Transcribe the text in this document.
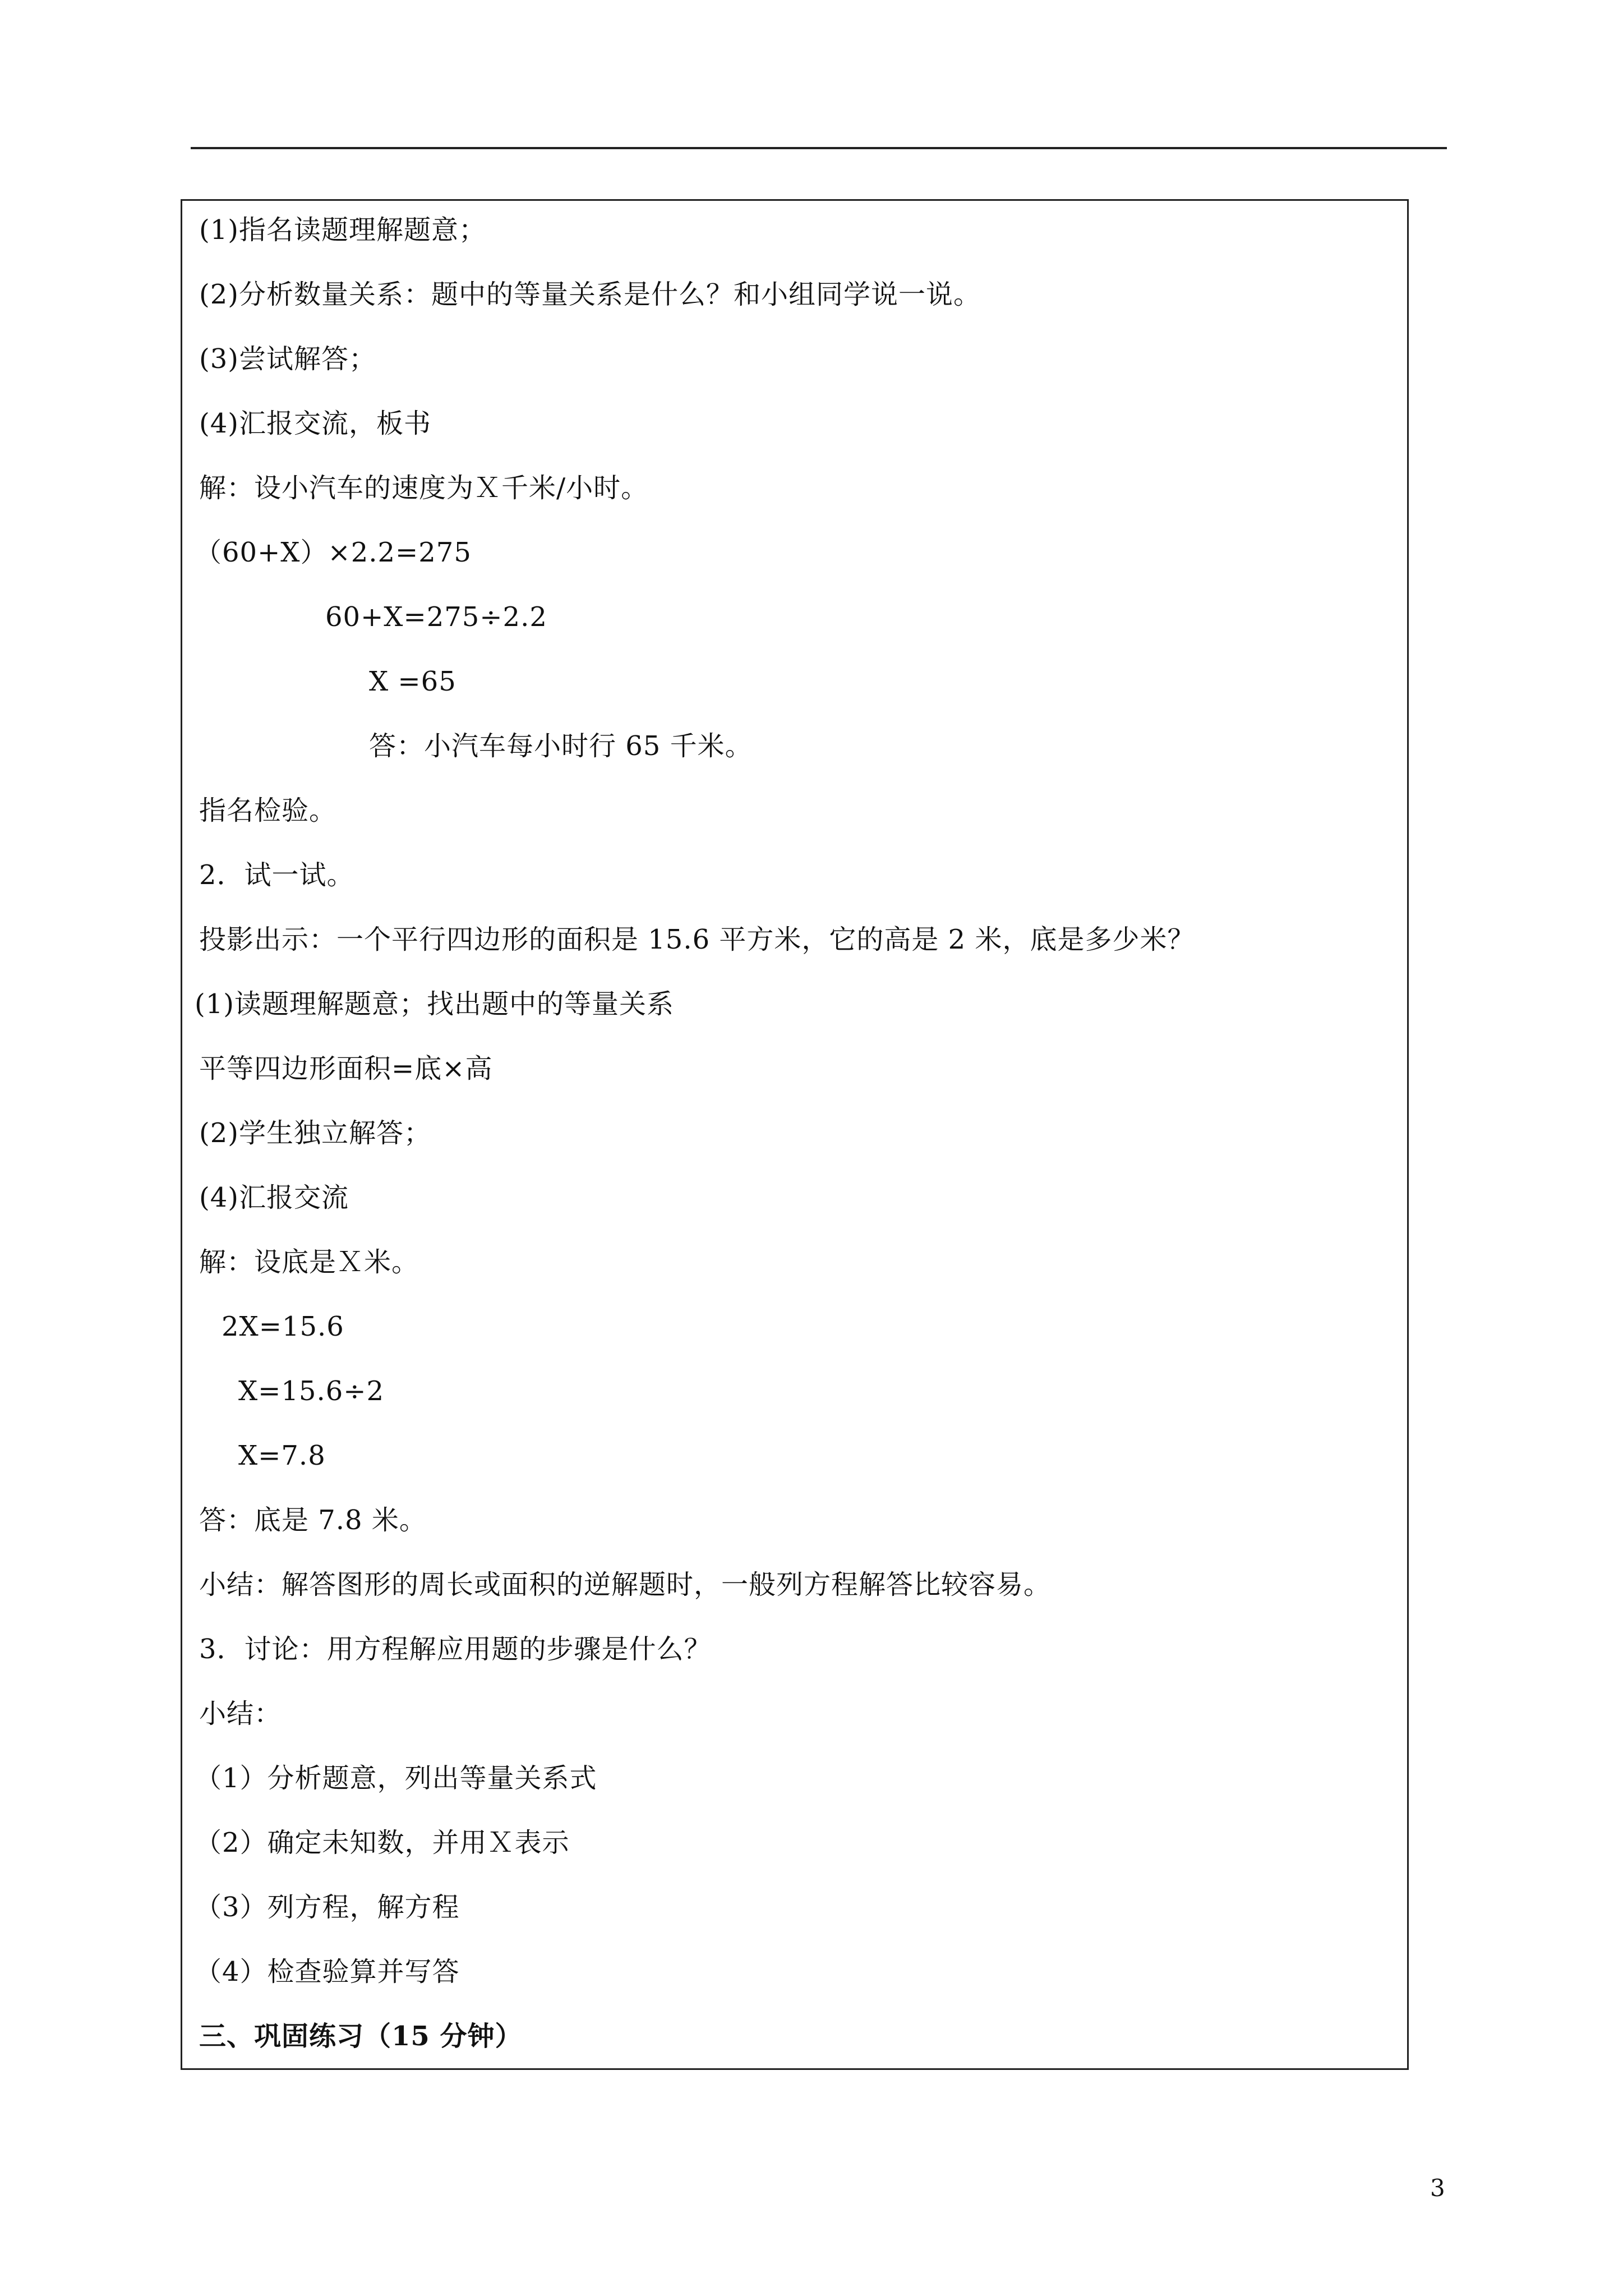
(1)指名读题理解题意；
(2)分析数量关系：题中的等量关系是什么？和小组同学说一说。
(3)尝试解答；
(4)汇报交流，板书
解：设小汽车的速度为Ｘ千米/小时。
（60+X）×2.2=275
60+X=275÷2.2
X =65
答：小汽车每小时行 65 千米。
指名检验。
2．试一试。
投影出示：一个平行四边形的面积是 15.6 平方米，它的高是 2 米，底是多少米？
(1)读题理解题意；找出题中的等量关系
平等四边形面积=底×高
(2)学生独立解答；
(4)汇报交流
解：设底是Ｘ米。
2X=15.6
X=15.6÷2
X=7.8
答：底是 7.8 米。
小结：解答图形的周长或面积的逆解题时，一般列方程解答比较容易。
3．讨论：用方程解应用题的步骤是什么？
小结：
（1）分析题意，列出等量关系式
（2）确定未知数，并用Ｘ表示
（3）列方程，解方程
（4）检查验算并写答
三、巩固练习（15 分钟）
3
